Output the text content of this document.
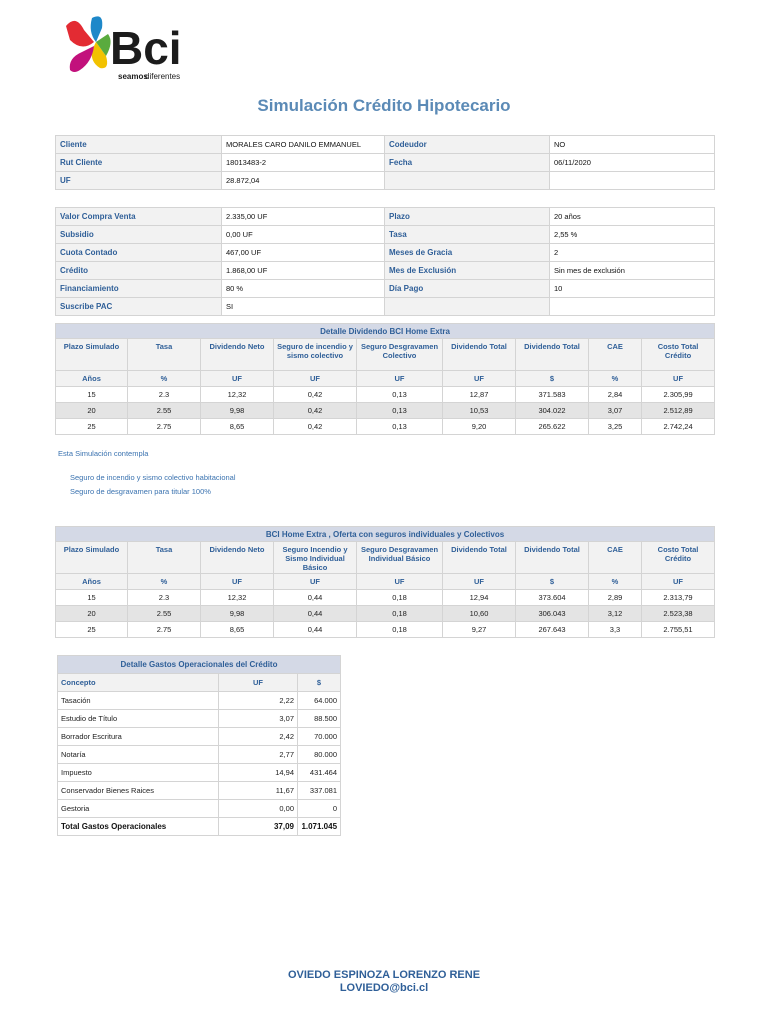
Bci
seamos
diferentes
Simulación Crédito Hipotecario
Cliente	MORALES CARO DANILO EMMANUEL	Codeudor	NO
Rut Cliente	18013483-2	Fecha	06/11/2020
UF	28.872,04		
Valor Compra Venta	2.335,00 UF	Plazo	20 años
Subsidio	0,00 UF	Tasa	2,55 %
Cuota Contado	467,00 UF	Meses de Gracia	2
Crédito	1.868,00 UF	Mes de Exclusión	Sin mes de exclusión
Financiamiento	80 %	Día Pago	10
Suscribe PAC	SI		
Detalle Dividendo BCI Home Extra								
Plazo Simulado	Tasa	Dividendo Neto	Seguro de incendio y sismo colectivo	Seguro Desgravamen Colectivo	Dividendo Total	Dividendo Total	CAE	Costo Total Crédito
Años	%	UF	UF	UF	UF	$	%	UF
15	2.3	12,32	0,42	0,13	12,87	371.583	2,84	2.305,99
20	2.55	9,98	0,42	0,13	10,53	304.022	3,07	2.512,89
25	2.75	8,65	0,42	0,13	9,20	265.622	3,25	2.742,24
Esta Simulación contempla
Seguro de incendio y sismo colectivo habitacional
Seguro de desgravamen para titular 100%
BCI Home Extra , Oferta con seguros individuales y Colectivos								
Plazo Simulado	Tasa	Dividendo Neto	Seguro Incendio y Sismo Individual Básico	Seguro Desgravamen Individual Básico	Dividendo Total	Dividendo Total	CAE	Costo Total Crédito
Años	%	UF	UF	UF	UF	$	%	UF
15	2.3	12,32	0,44	0,18	12,94	373.604	2,89	2.313,79
20	2.55	9,98	0,44	0,18	10,60	306.043	3,12	2.523,38
25	2.75	8,65	0,44	0,18	9,27	267.643	3,3	2.755,51
Detalle Gastos Operacionales del Crédito		
Concepto	UF	$
Tasación	2,22	64.000
Estudio de Título	3,07	88.500
Borrador Escritura	2,42	70.000
Notaría	2,77	80.000
Impuesto	14,94	431.464
Conservador Bienes Raices	11,67	337.081
Gestoria	0,00	0
Total Gastos Operacionales	37,09	1.071.045
OVIEDO ESPINOZA LORENZO RENE
LOVIEDO@bci.cl
